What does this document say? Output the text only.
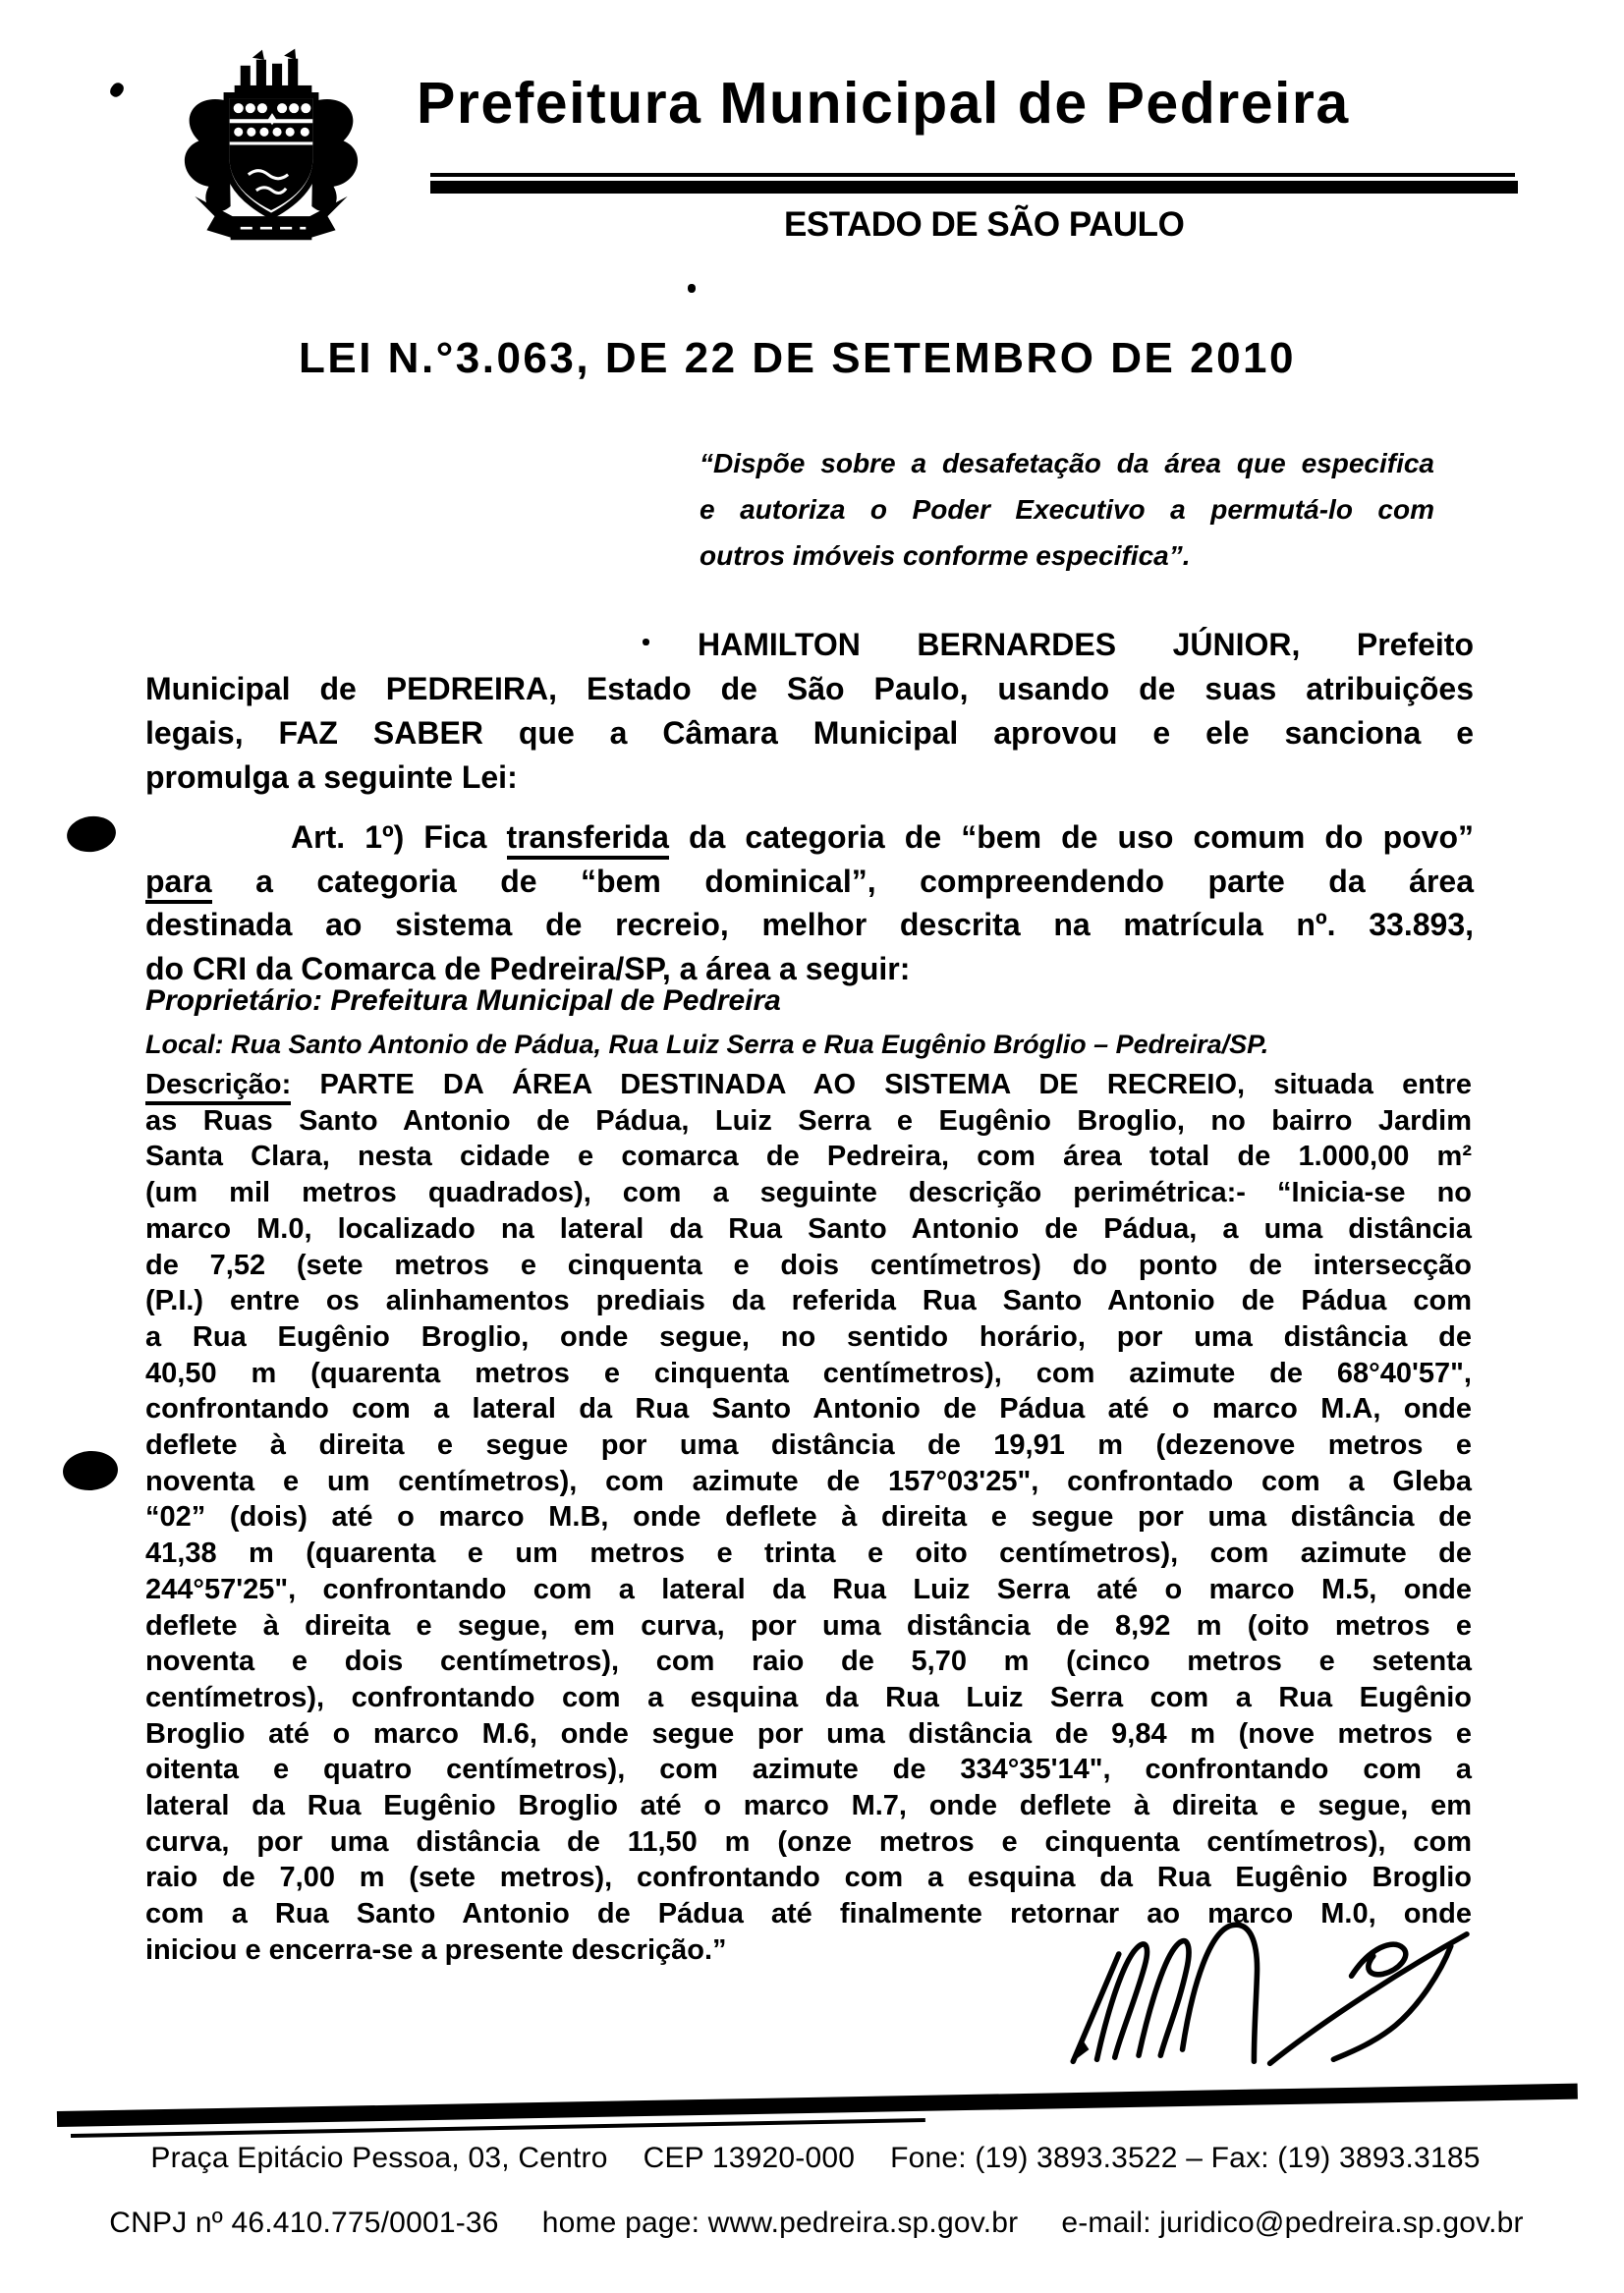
Prefeitura Municipal de Pedreira
ESTADO DE SÃO PAULO
LEI N.°3.063, DE 22 DE SETEMBRO DE 2010
“Dispõe sobre a desafetação da área que especifica
e autoriza o Poder Executivo a permutá-lo com
outros imóveis conforme especifica”.
HAMILTON BERNARDES JÚNIOR, Prefeito
Municipal de PEDREIRA, Estado de São Paulo, usando de suas atribuições
legais, FAZ SABER que a Câmara Municipal aprovou e ele sanciona e
promulga a seguinte Lei:
Art. 1º) Fica transferida da categoria de “bem de uso comum do povo”
para a categoria de “bem dominical”, compreendendo parte da área
destinada ao sistema de recreio, melhor descrita na matrícula nº. 33.893,
do CRI da Comarca de Pedreira/SP, a área a seguir:
Proprietário: Prefeitura Municipal de Pedreira
Local: Rua Santo Antonio de Pádua, Rua Luiz Serra e Rua Eugênio Bróglio – Pedreira/SP.
Descrição: PARTE DA ÁREA DESTINADA AO SISTEMA DE RECREIO, situada entre
as Ruas Santo Antonio de Pádua, Luiz Serra e Eugênio Broglio, no bairro Jardim
Santa Clara, nesta cidade e comarca de Pedreira, com área total de 1.000,00 m²
(um mil metros quadrados), com a seguinte descrição perimétrica:- “Inicia-se no
marco M.0, localizado na lateral da Rua Santo Antonio de Pádua, a uma distância
de 7,52 (sete metros e cinquenta e dois centímetros) do ponto de intersecção
(P.I.) entre os alinhamentos prediais da referida Rua Santo Antonio de Pádua com
a Rua Eugênio Broglio, onde segue, no sentido horário, por uma distância de
40,50 m (quarenta metros e cinquenta centímetros), com azimute de 68°40'57",
confrontando com a lateral da Rua Santo Antonio de Pádua até o marco M.A, onde
deflete à direita e segue por uma distância de 19,91 m (dezenove metros e
noventa e um centímetros), com azimute de 157°03'25", confrontado com a Gleba
“02” (dois) até o marco M.B, onde deflete à direita e segue por uma distância de
41,38 m (quarenta e um metros e trinta e oito centímetros), com azimute de
244°57'25", confrontando com a lateral da Rua Luiz Serra até o marco M.5, onde
deflete à direita e segue, em curva, por uma distância de 8,92 m (oito metros e
noventa e dois centímetros), com raio de 5,70 m (cinco metros e setenta
centímetros), confrontando com a esquina da Rua Luiz Serra com a Rua Eugênio
Broglio até o marco M.6, onde segue por uma distância de 9,84 m (nove metros e
oitenta e quatro centímetros), com azimute de 334°35'14", confrontando com a
lateral da Rua Eugênio Broglio até o marco M.7, onde deflete à direita e segue, em
curva, por uma distância de 11,50 m (onze metros e cinquenta centímetros), com
raio de 7,00 m (sete metros), confrontando com a esquina da Rua Eugênio Broglio
com a Rua Santo Antonio de Pádua até finalmente retornar ao marco M.0, onde
iniciou e encerra-se a presente descrição.”
Praça Epitácio Pessoa, 03, Centro CEP 13920-000 Fone: (19) 3893.3522 – Fax: (19) 3893.3185
CNPJ nº 46.410.775/0001-36 home page: www.pedreira.sp.gov.br e-mail: juridico@pedreira.sp.gov.br
